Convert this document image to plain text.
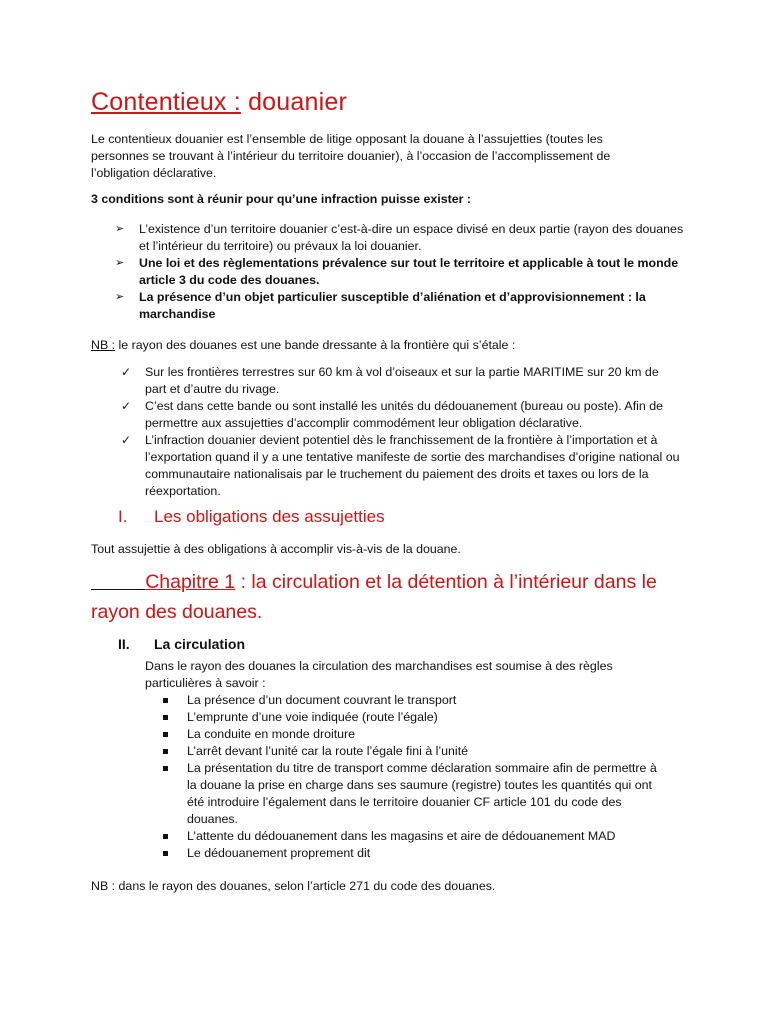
Contentieux : douanier

Le contentieux douanier est l’ensemble de litige opposant la douane à l’assujetties (toutes les personnes se trouvant à l’intérieur du territoire douanier), à l’occasion de l’accomplissement de l’obligation déclarative.

3 conditions sont à réunir pour qu’une infraction puisse exister :

➢ L’existence d’un territoire douanier c’est-à-dire un espace divisé en deux partie (rayon des douanes et l’intérieur du territoire) ou prévaux la loi douanier.
➢ Une loi et des règlementations prévalence sur tout le territoire et applicable à tout le monde article 3 du code des douanes.
➢ La présence d’un objet particulier susceptible d’aliénation et d’approvisionnement : la marchandise

NB : le rayon des douanes est une bande dressante à la frontière qui s’étale :

✓ Sur les frontières terrestres sur 60 km à vol d’oiseaux et sur la partie MARITIME sur 20 km de part et d’autre du rivage.
✓ C’est dans cette bande ou sont installé les unités du dédouanement (bureau ou poste). Afin de permettre aux assujetties d’accomplir commodément leur obligation déclarative.
✓ L’infraction douanier devient potentiel dès le franchissement de la frontière à l’importation et à l’exportation quand il y a une tentative manifeste de sortie des marchandises d’origine national ou communautaire nationalisais par le truchement du paiement des droits et taxes ou lors de la réexportation.
I. Les obligations des assujetties

Tout assujettie à des obligations à accomplir vis-à-vis de la douane.

Chapitre 1 : la circulation et la détention à l’intérieur dans le rayon des douanes.
II. La circulation

Dans le rayon des douanes la circulation des marchandises est soumise à des règles particulières à savoir :

La présence d’un document couvrant le transport
L’emprunte d’une voie indiquée (route l’égale)
La conduite en monde droiture
L’arrêt devant l’unité car la route l’égale fini à l’unité
La présentation du titre de transport comme déclaration sommaire afin de permettre à la douane la prise en charge dans ses saumure (registre) toutes les quantités qui ont été introduire l’également dans le territoire douanier CF article 101 du code des douanes.
L’attente du dédouanement dans les magasins et aire de dédouanement MAD
Le dédouanement proprement dit

NB : dans le rayon des douanes, selon l’article 271 du code des douanes.
